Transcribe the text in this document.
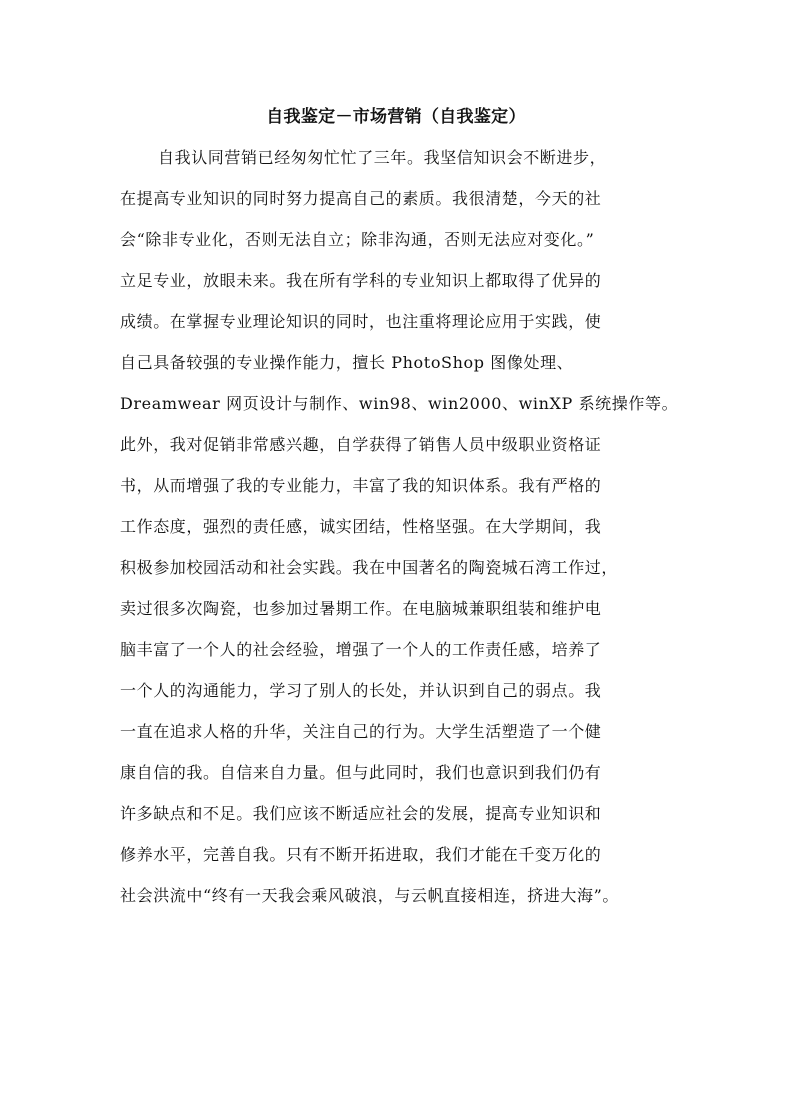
自我鉴定－市场营销（自我鉴定）
自我认同营销已经匆匆忙忙了三年。我坚信知识会不断进步，
在提高专业知识的同时努力提高自己的素质。我很清楚，今天的社
会“除非专业化，否则无法自立；除非沟通，否则无法应对变化。”
立足专业，放眼未来。我在所有学科的专业知识上都取得了优异的
成绩。在掌握专业理论知识的同时，也注重将理论应用于实践，使
自己具备较强的专业操作能力，擅长 PhotoShop 图像处理、
Dreamwear 网页设计与制作、win98、win2000、winXP 系统操作等。
此外，我对促销非常感兴趣，自学获得了销售人员中级职业资格证
书，从而增强了我的专业能力，丰富了我的知识体系。我有严格的
工作态度，强烈的责任感，诚实团结，性格坚强。在大学期间，我
积极参加校园活动和社会实践。我在中国著名的陶瓷城石湾工作过，
卖过很多次陶瓷，也参加过暑期工作。在电脑城兼职组装和维护电
脑丰富了一个人的社会经验，增强了一个人的工作责任感，培养了
一个人的沟通能力，学习了别人的长处，并认识到自己的弱点。我
一直在追求人格的升华，关注自己的行为。大学生活塑造了一个健
康自信的我。自信来自力量。但与此同时，我们也意识到我们仍有
许多缺点和不足。我们应该不断适应社会的发展，提高专业知识和
修养水平，完善自我。只有不断开拓进取，我们才能在千变万化的
社会洪流中“终有一天我会乘风破浪，与云帆直接相连，挤进大海”。
